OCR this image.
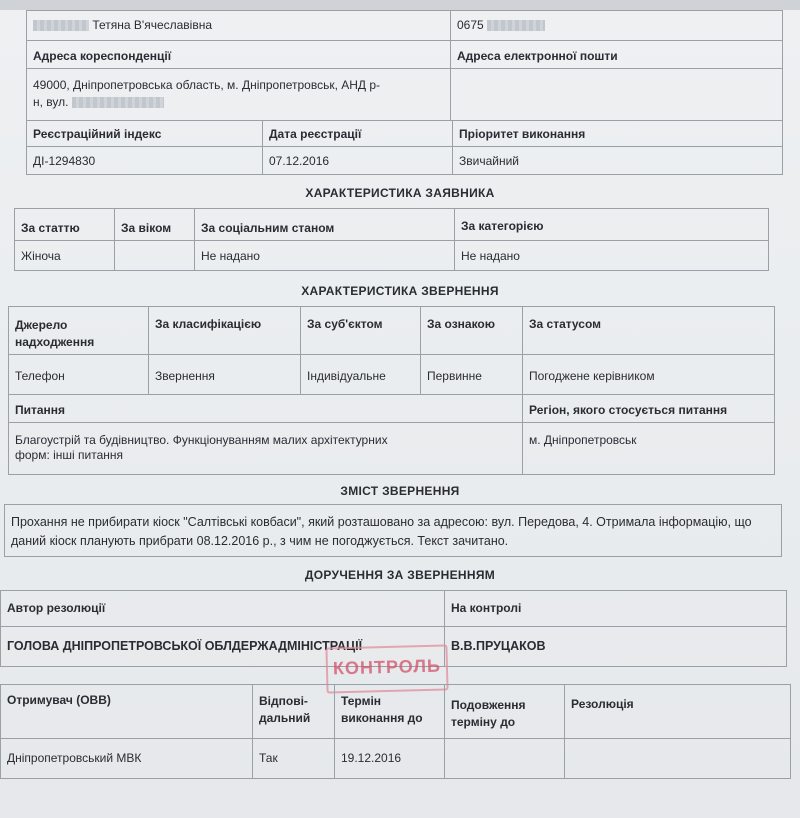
Тетяна В'ячеславівна	0675
Адреса кореспонденції	Адреса електронної пошти

49000, Дніпропетровська область, м. Дніпропетровськ, АНД р-
н, вул.	

Реєстраційний індекс	Дата реєстрації	Пріоритет виконання
ДІ-1294830	07.12.2016	Звичайний
ХАРАКТЕРИСТИКА ЗАЯВНИКА
За статтю	За віком	За соціальним станом	За категорією
Жіноча		Не надано	Не надано
ХАРАКТЕРИСТИКА ЗВЕРНЕННЯ
Джерело надходження	За класифікацією	За суб'єктом	За ознакою	За статусом
Телефон	Звернення	Індивідуальне	Первинне	Погоджене керівником
Питання				Регіон, якого стосується питання
Благоустрій та будівництво. Функціонуванням малих архітектурних форм: інші питання				м. Дніпропетровськ
ЗМІСТ ЗВЕРНЕННЯ
Прохання не прибирати кіоск "Салтівські ковбаси", який розташовано за адресою: вул. Передова, 4. Отримала інформацію, що даний кіоск планують прибрати 08.12.2016 р., з чим не погоджується. Текст зачитано.
ДОРУЧЕННЯ ЗА ЗВЕРНЕННЯМ
Автор резолюції	На контролі
ГОЛОВА ДНІПРОПЕТРОВСЬКОЇ ОБЛДЕРЖАДМІНІСТРАЦІЇ	В.В.ПРУЦАКОВ
КОНТРОЛЬ
Отримувач (ОВВ)	Відпові-дальний	Термін виконання до	Подовження терміну до	Резолюція
Дніпропетровський МВК	Так	19.12.2016		
